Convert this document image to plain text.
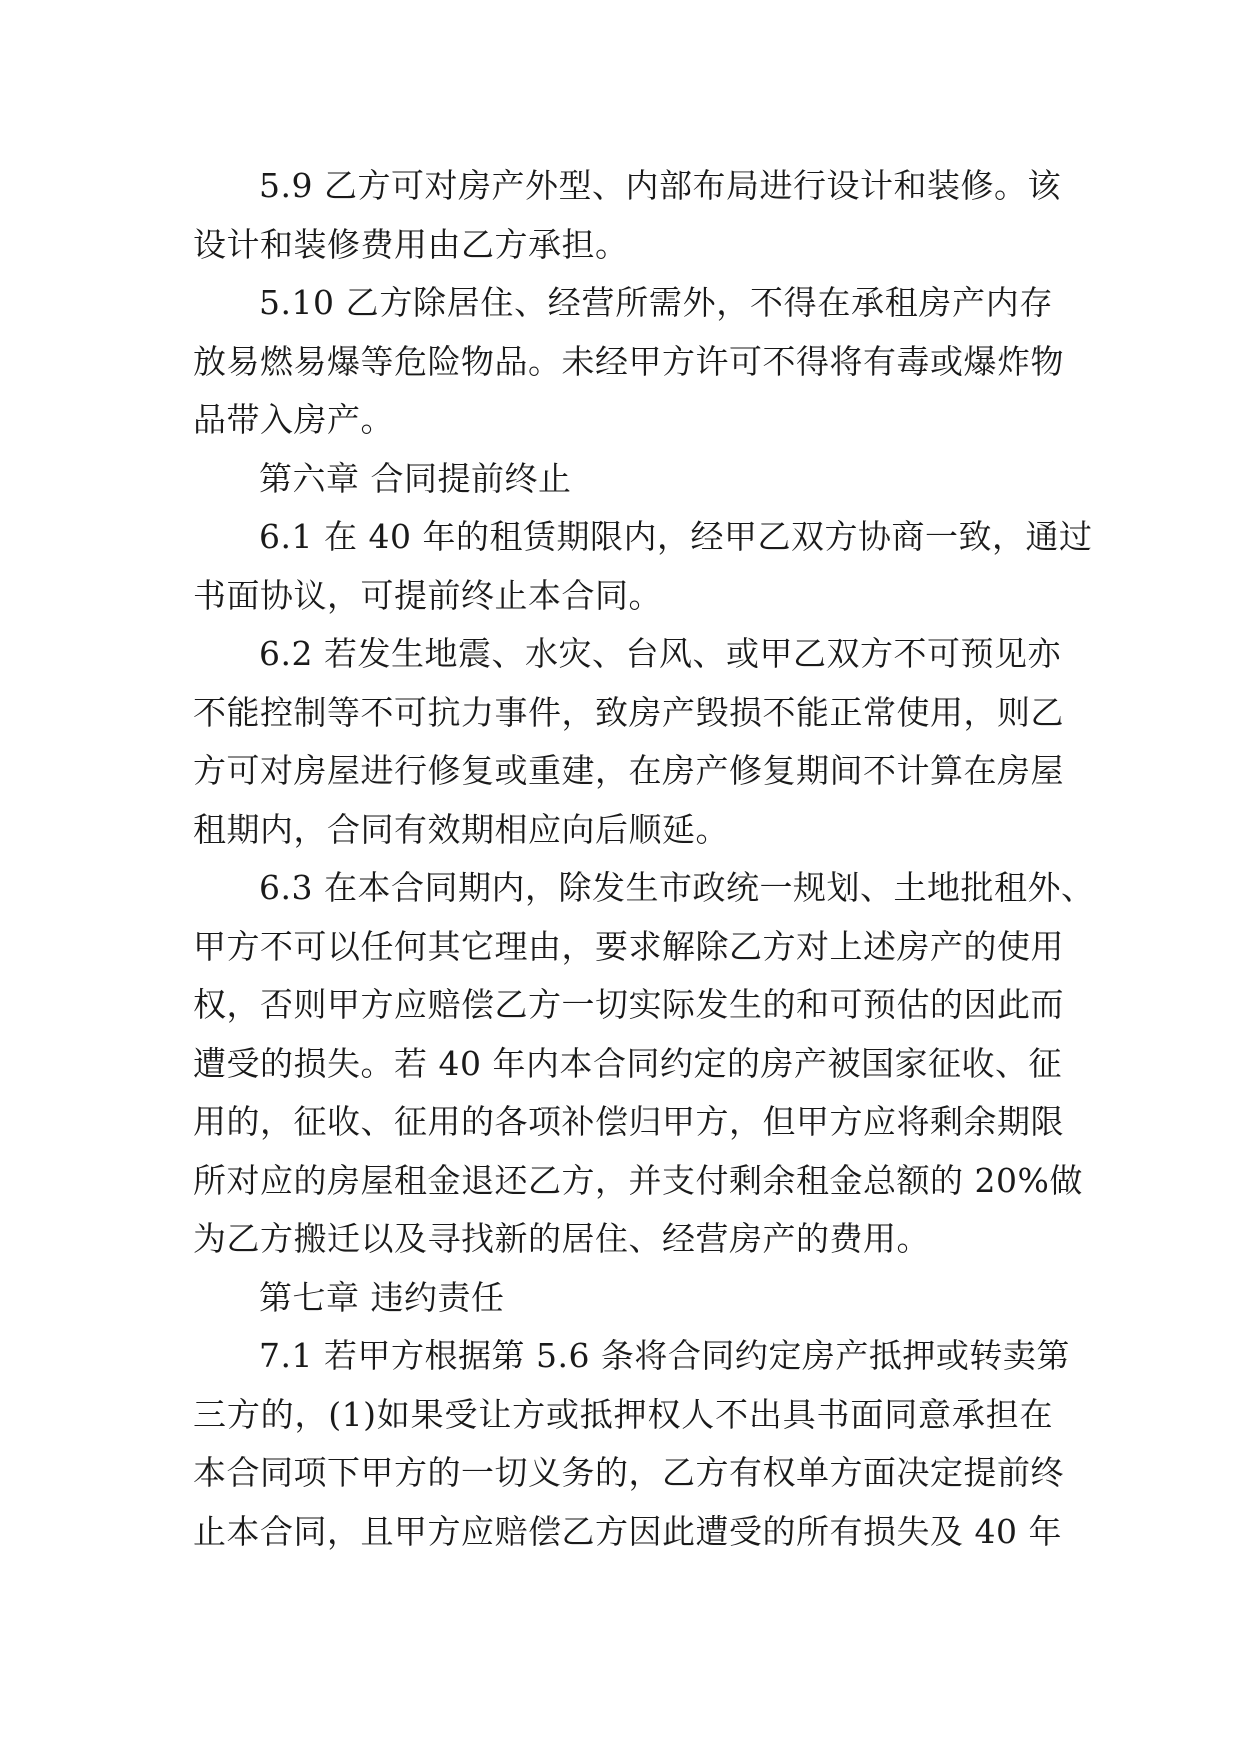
5.9 乙方可对房产外型、内部布局进行设计和装修。该
设计和装修费用由乙方承担。
5.10 乙方除居住、经营所需外，不得在承租房产内存
放易燃易爆等危险物品。未经甲方许可不得将有毒或爆炸物
品带入房产。
第六章 合同提前终止
6.1 在 40 年的租赁期限内，经甲乙双方协商一致，通过
书面协议，可提前终止本合同。
6.2 若发生地震、水灾、台风、或甲乙双方不可预见亦
不能控制等不可抗力事件，致房产毁损不能正常使用，则乙
方可对房屋进行修复或重建，在房产修复期间不计算在房屋
租期内，合同有效期相应向后顺延。
6.3 在本合同期内，除发生市政统一规划、土地批租外、
甲方不可以任何其它理由，要求解除乙方对上述房产的使用
权，否则甲方应赔偿乙方一切实际发生的和可预估的因此而
遭受的损失。若 40 年内本合同约定的房产被国家征收、征
用的，征收、征用的各项补偿归甲方，但甲方应将剩余期限
所对应的房屋租金退还乙方，并支付剩余租金总额的 20%做
为乙方搬迁以及寻找新的居住、经营房产的费用。
第七章 违约责任
7.1 若甲方根据第 5.6 条将合同约定房产抵押或转卖第
三方的，(1)如果受让方或抵押权人不出具书面同意承担在
本合同项下甲方的一切义务的，乙方有权单方面决定提前终
止本合同，且甲方应赔偿乙方因此遭受的所有损失及 40 年
